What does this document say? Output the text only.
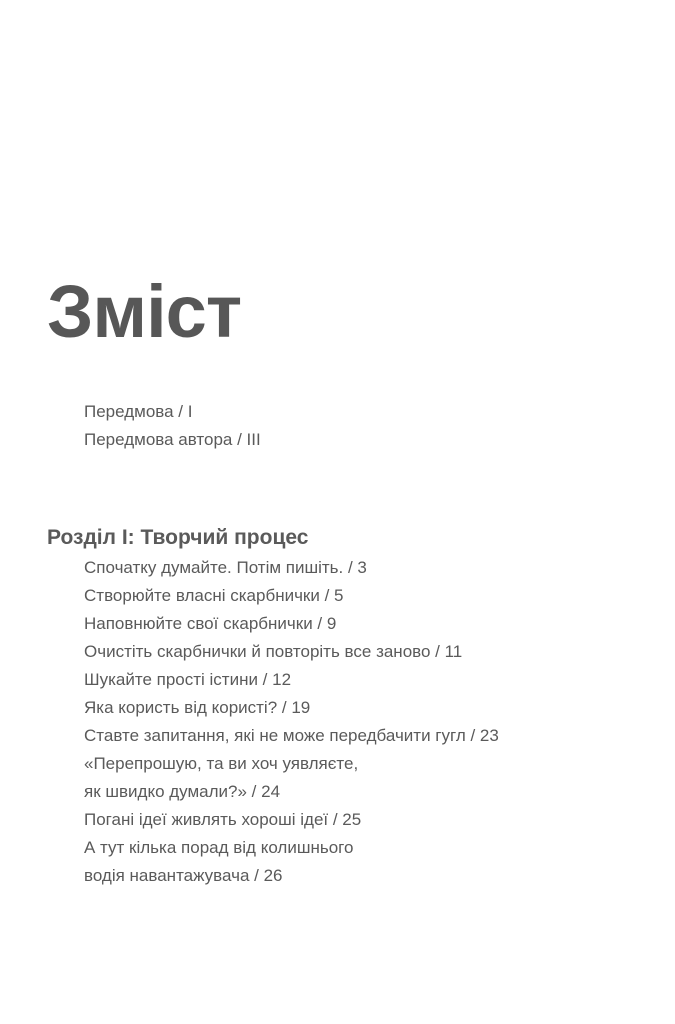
Зміст
Передмова / I
Передмова автора / III
Розділ I: Творчий процес
Спочатку думайте. Потім пишіть. / 3
Створюйте власні скарбнички / 5
Наповнюйте свої скарбнички / 9
Очистіть скарбнички й повторіть все заново / 11
Шукайте прості істини / 12
Яка користь від користі? / 19
Ставте запитання, які не може передбачити гугл / 23
«Перепрошую, та ви хоч уявляєте,
як швидко думали?» / 24
Погані ідеї живлять хороші ідеї / 25
А тут кілька порад від колишнього
водія навантажувача / 26
